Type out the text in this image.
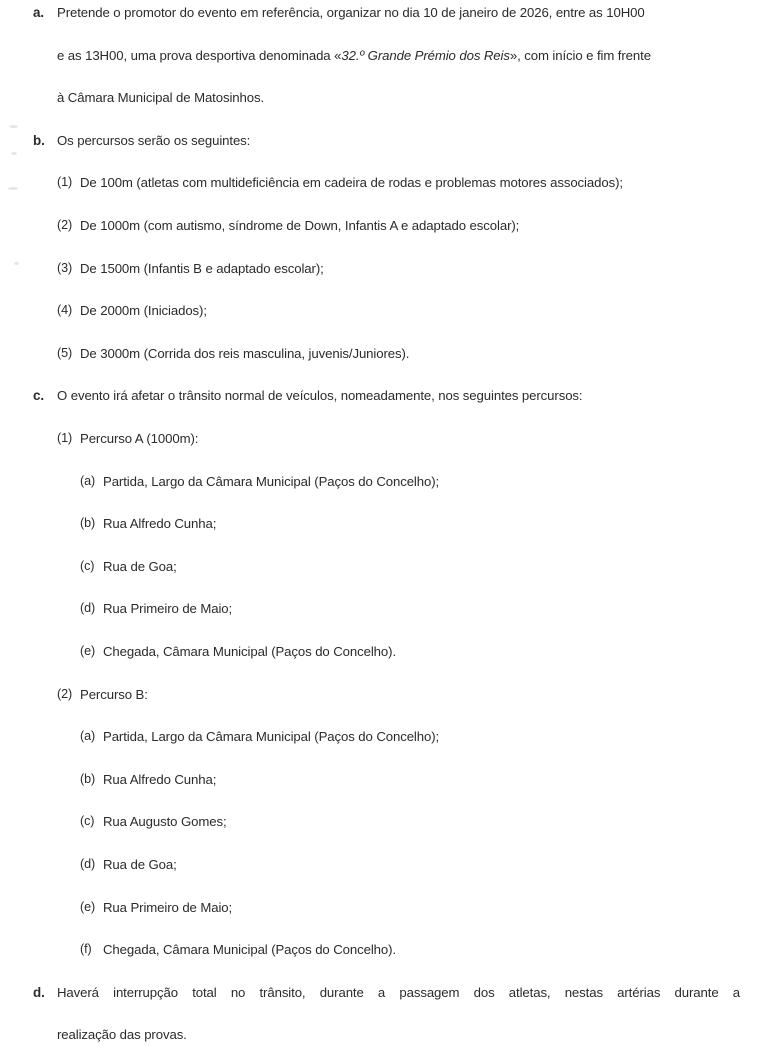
a. Pretende o promotor do evento em referência, organizar no dia 10 de janeiro de 2026, entre as 10H00
e as 13H00, uma prova desportiva denominada «32.º Grande Prémio dos Reis», com início e fim frente
à Câmara Municipal de Matosinhos.
b. Os percursos serão os seguintes:
(1) De 100m (atletas com multideficiência em cadeira de rodas e problemas motores associados);
(2) De 1000m (com autismo, síndrome de Down, Infantis A e adaptado escolar);
(3) De 1500m (Infantis B e adaptado escolar);
(4) De 2000m (Iniciados);
(5) De 3000m (Corrida dos reis masculina, juvenis/Juniores).
c. O evento irá afetar o trânsito normal de veículos, nomeadamente, nos seguintes percursos:
(1) Percurso A (1000m):
(a) Partida, Largo da Câmara Municipal (Paços do Concelho);
(b) Rua Alfredo Cunha;
(c) Rua de Goa;
(d) Rua Primeiro de Maio;
(e) Chegada, Câmara Municipal (Paços do Concelho).
(2) Percurso B:
(a) Partida, Largo da Câmara Municipal (Paços do Concelho);
(b) Rua Alfredo Cunha;
(c) Rua Augusto Gomes;
(d) Rua de Goa;
(e) Rua Primeiro de Maio;
(f) Chegada, Câmara Municipal (Paços do Concelho).
d. Haverá interrupção total no trânsito, durante a passagem dos atletas, nestas artérias durante a
realização das provas.
